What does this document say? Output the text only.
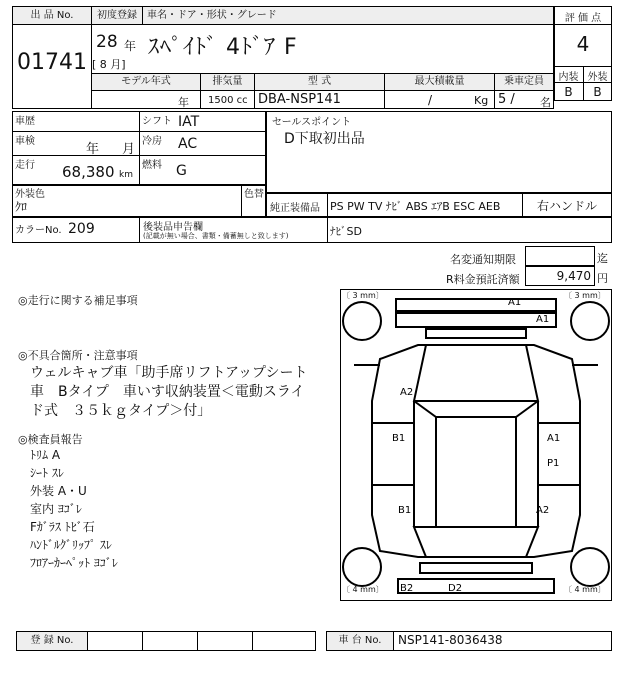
出 品 No.
01741
初度登録	車名・ドア・形状・グレード
28 年
[ 8 月]
ｽﾍﾟｲﾄﾞ 4ﾄﾞｱ F
モデル年式	排気量	型 式	最大積載量	乗車定員
年 1500 cc DBA-NSP141	/	Kg 5 / 名
評 価 点
4
内装 外装
B	B
車歴	シフト IAT
車検
年 月
冷房 AC
走行 68,380 km
燃料 G
セールスポイント
D下取初出品
外装色
ｸﾛ
色替
純正装備品 PS PW TV ﾅﾋﾞ ABS ｴｱB ESC AEB	右ハンドル
カラーNo. 209	後装品申告欄
(記載が無い場合、書類・備蓄無しと致します)	ﾅﾋﾞSD
名変通知期限	迄
R料金預託済額	9,470 円
◎走行に関する補足事項
◎不具合箇所・注意事項
ウェルキャブ車「助手席リフトアップシート
車　Bタイプ　車いす収納装置＜電動スライ
ド式　３５ｋｇタイプ＞付」
◎検査員報告
ﾄﾘﾑ A
ｼｰﾄ ｽﾚ
外装 A・U
室内 ﾖｺﾞﾚ
Fｶﾞﾗｽ ﾄﾋﾞ石
ﾊﾝﾄﾞﾙｸﾞﾘｯﾌﾟ ｽﾚ
ﾌﾛｱｰｶｰﾍﾟｯﾄ ﾖｺﾞﾚ
〔 3 mm〕	〔 3 mm〕
〔 4 mm〕	〔 4 mm〕
A1
A1
A2
B1	A1
P1
B1	A2
B2	D2
登 録 No.	車 台 No.	NSP141-8036438
